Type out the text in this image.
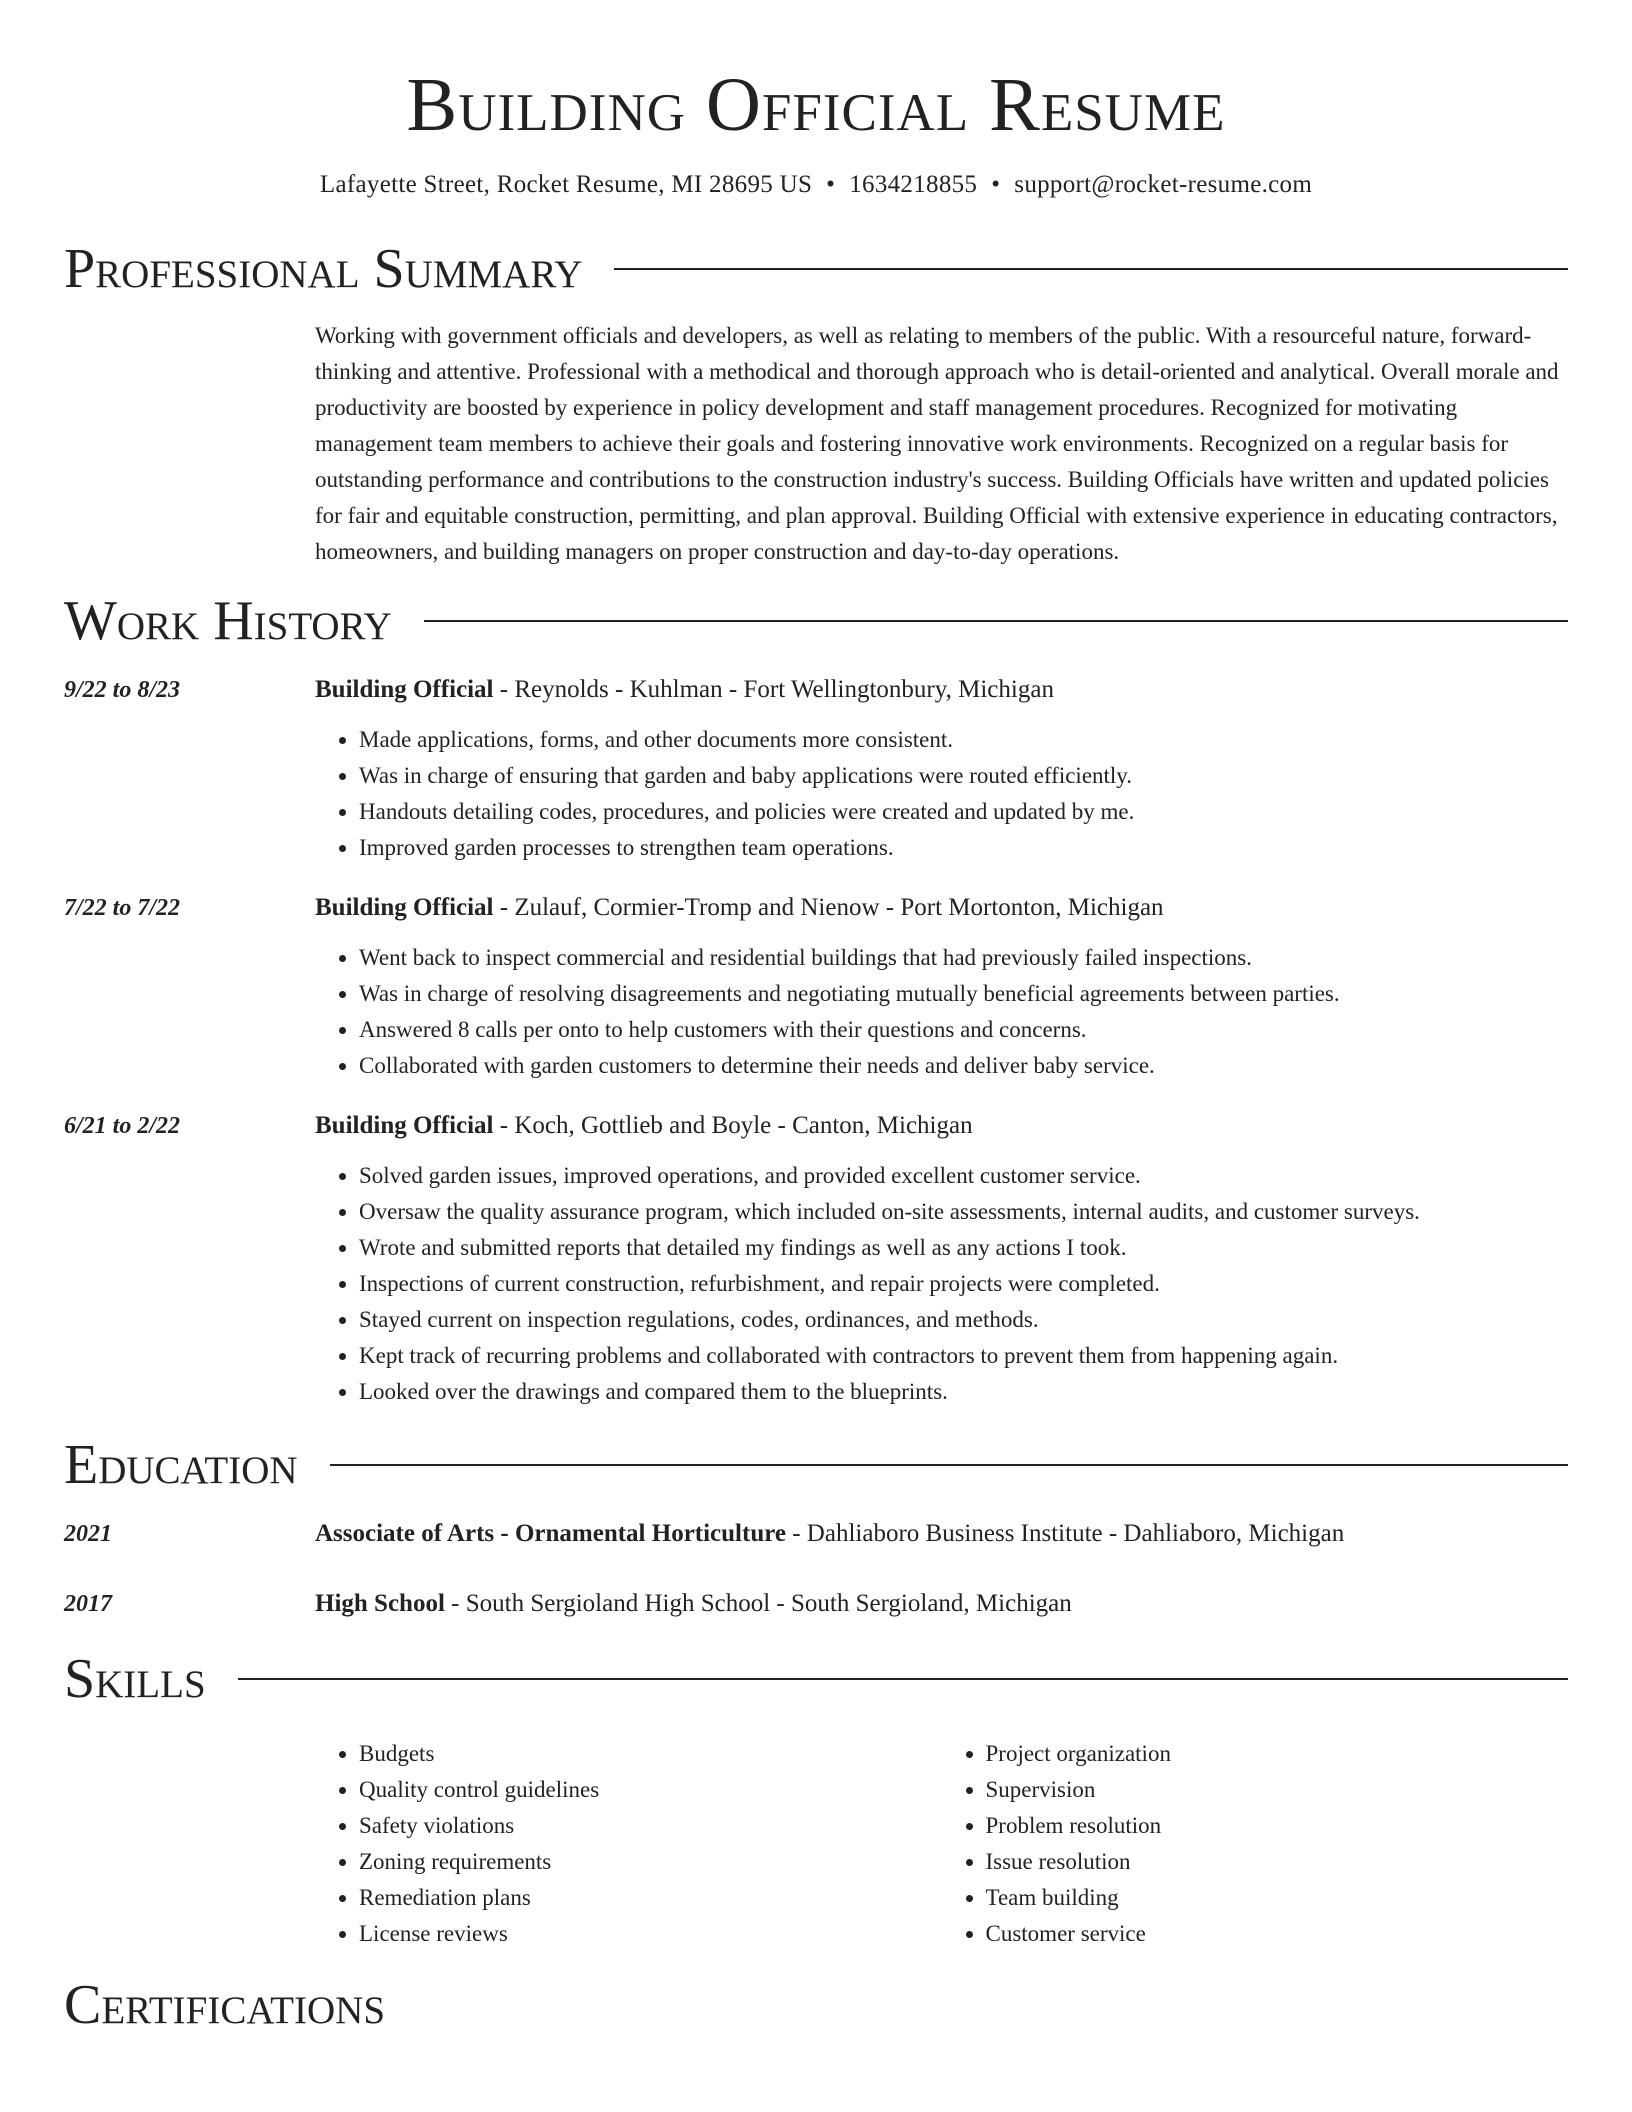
Building Official Resume
Lafayette Street, Rocket Resume, MI 28695 US • 1634218855 • support@rocket-resume.com
Professional Summary
Working with government officials and developers, as well as relating to members of the public. With a resourceful nature, forward-thinking and attentive. Professional with a methodical and thorough approach who is detail-oriented and analytical. Overall morale and productivity are boosted by experience in policy development and staff management procedures. Recognized for motivating management team members to achieve their goals and fostering innovative work environments. Recognized on a regular basis for outstanding performance and contributions to the construction industry's success. Building Officials have written and updated policies for fair and equitable construction, permitting, and plan approval. Building Official with extensive experience in educating contractors, homeowners, and building managers on proper construction and day-to-day operations.
Work History
9/22 to 8/23	Building Official - Reynolds - Kuhlman - Fort Wellingtonbury, Michigan
• Made applications, forms, and other documents more consistent.
• Was in charge of ensuring that garden and baby applications were routed efficiently.
• Handouts detailing codes, procedures, and policies were created and updated by me.
• Improved garden processes to strengthen team operations.
7/22 to 7/22	Building Official - Zulauf, Cormier-Tromp and Nienow - Port Mortonton, Michigan
• Went back to inspect commercial and residential buildings that had previously failed inspections.
• Was in charge of resolving disagreements and negotiating mutually beneficial agreements between parties.
• Answered 8 calls per onto to help customers with their questions and concerns.
• Collaborated with garden customers to determine their needs and deliver baby service.
6/21 to 2/22	Building Official - Koch, Gottlieb and Boyle - Canton, Michigan
• Solved garden issues, improved operations, and provided excellent customer service.
• Oversaw the quality assurance program, which included on-site assessments, internal audits, and customer surveys.
• Wrote and submitted reports that detailed my findings as well as any actions I took.
• Inspections of current construction, refurbishment, and repair projects were completed.
• Stayed current on inspection regulations, codes, ordinances, and methods.
• Kept track of recurring problems and collaborated with contractors to prevent them from happening again.
• Looked over the drawings and compared them to the blueprints.
Education
2021	Associate of Arts - Ornamental Horticulture - Dahliaboro Business Institute - Dahliaboro, Michigan
2017	High School - South Sergioland High School - South Sergioland, Michigan
Skills
• Budgets
• Quality control guidelines
• Safety violations
• Zoning requirements
• Remediation plans
• License reviews
• Project organization
• Supervision
• Problem resolution
• Issue resolution
• Team building
• Customer service
Certifications
